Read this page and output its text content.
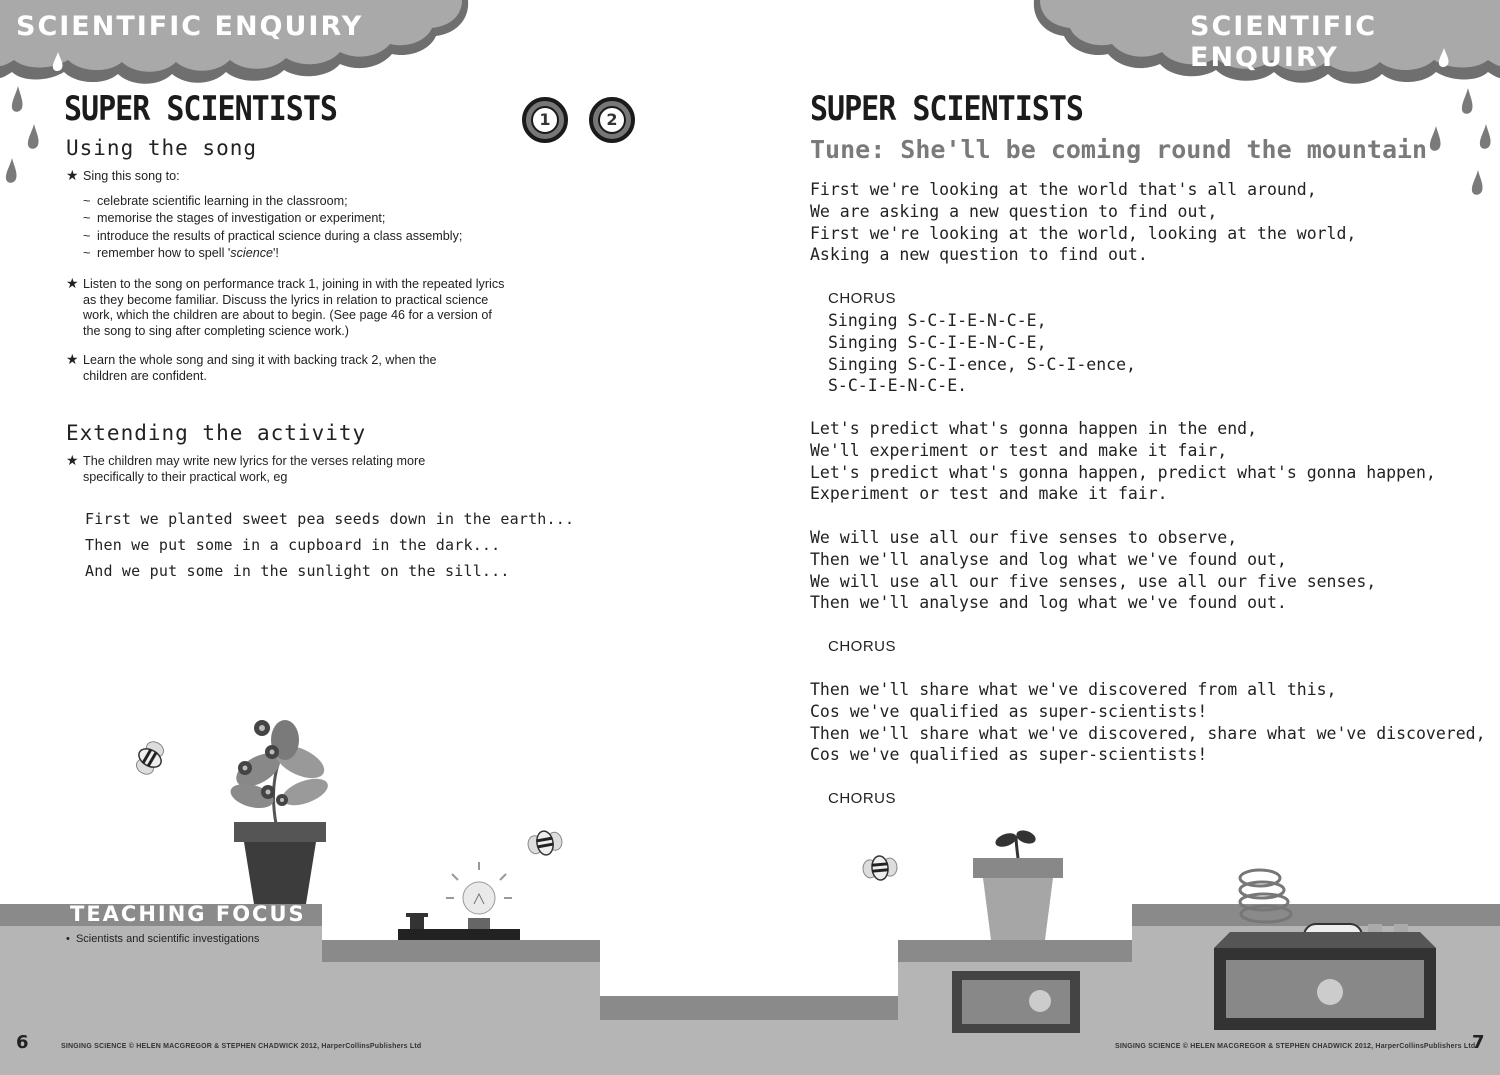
SCIENTIFIC ENQUIRY	SCIENTIFIC ENQUIRY
SUPER SCIENTISTS	1	2
Using the song
★ Sing this song to:
~ celebrate scientific learning in the classroom;
~ memorise the stages of investigation or experiment;
~ introduce the results of practical science during a class assembly;
~ remember how to spell 'science'!
★ Listen to the song on performance track 1, joining in with the repeated lyrics as they become familiar. Discuss the lyrics in relation to practical science work, which the children are about to begin. (See page 46 for a version of the song to sing after completing science work.)
★ Learn the whole song and sing it with backing track 2, when the children are confident.
Extending the activity
★ The children may write new lyrics for the verses relating more specifically to their practical work, eg
First we planted sweet pea seeds down in the earth...
Then we put some in a cupboard in the dark...
And we put some in the sunlight on the sill...
SUPER SCIENTISTS
Tune: She'll be coming round the mountain
First we're looking at the world that's all around,
We are asking a new question to find out,
First we're looking at the world, looking at the world,
Asking a new question to find out.
CHORUS
Singing S-C-I-E-N-C-E,
Singing S-C-I-E-N-C-E,
Singing S-C-I-ence, S-C-I-ence,
S-C-I-E-N-C-E.
Let's predict what's gonna happen in the end,
We'll experiment or test and make it fair,
Let's predict what's gonna happen, predict what's gonna happen,
Experiment or test and make it fair.
We will use all our five senses to observe,
Then we'll analyse and log what we've found out,
We will use all our five senses, use all our five senses,
Then we'll analyse and log what we've found out.
CHORUS
Then we'll share what we've discovered from all this,
Cos we've qualified as super-scientists!
Then we'll share what we've discovered, share what we've discovered,
Cos we've qualified as super-scientists!
CHORUS
TEACHING FOCUS
•  Scientists and scientific investigations
6	SINGING SCIENCE © HELEN MACGREGOR & STEPHEN CHADWICK 2012, HarperCollinsPublishers Ltd	SINGING SCIENCE © HELEN MACGREGOR & STEPHEN CHADWICK 2012, HarperCollinsPublishers Ltd
7
